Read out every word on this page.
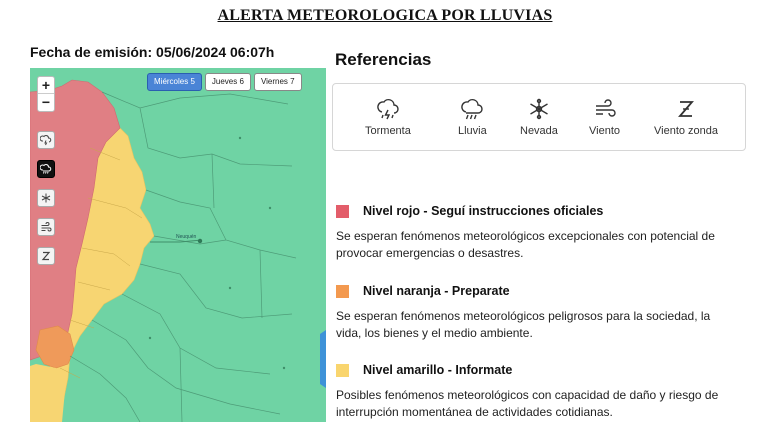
ALERTA METEOROLOGICA POR LLUVIAS
Fecha de emisión: 05/06/2024 06:07h
Neuquén
+
−
Miércoles 5	Jueves 6	Viernes 7
Referencias
Tormenta	Lluvia	Nevada	Viento	Viento zonda
Nivel rojo - Seguí instrucciones oficiales
Se esperan fenómenos meteorológicos excepcionales con potencial de provocar emergencias o desastres.
Nivel naranja - Preparate
Se esperan fenómenos meteorológicos peligrosos para la sociedad, la vida, los bienes y el medio ambiente.
Nivel amarillo - Informate
Posibles fenómenos meteorológicos con capacidad de daño y riesgo de interrupción momentánea de actividades cotidianas.
